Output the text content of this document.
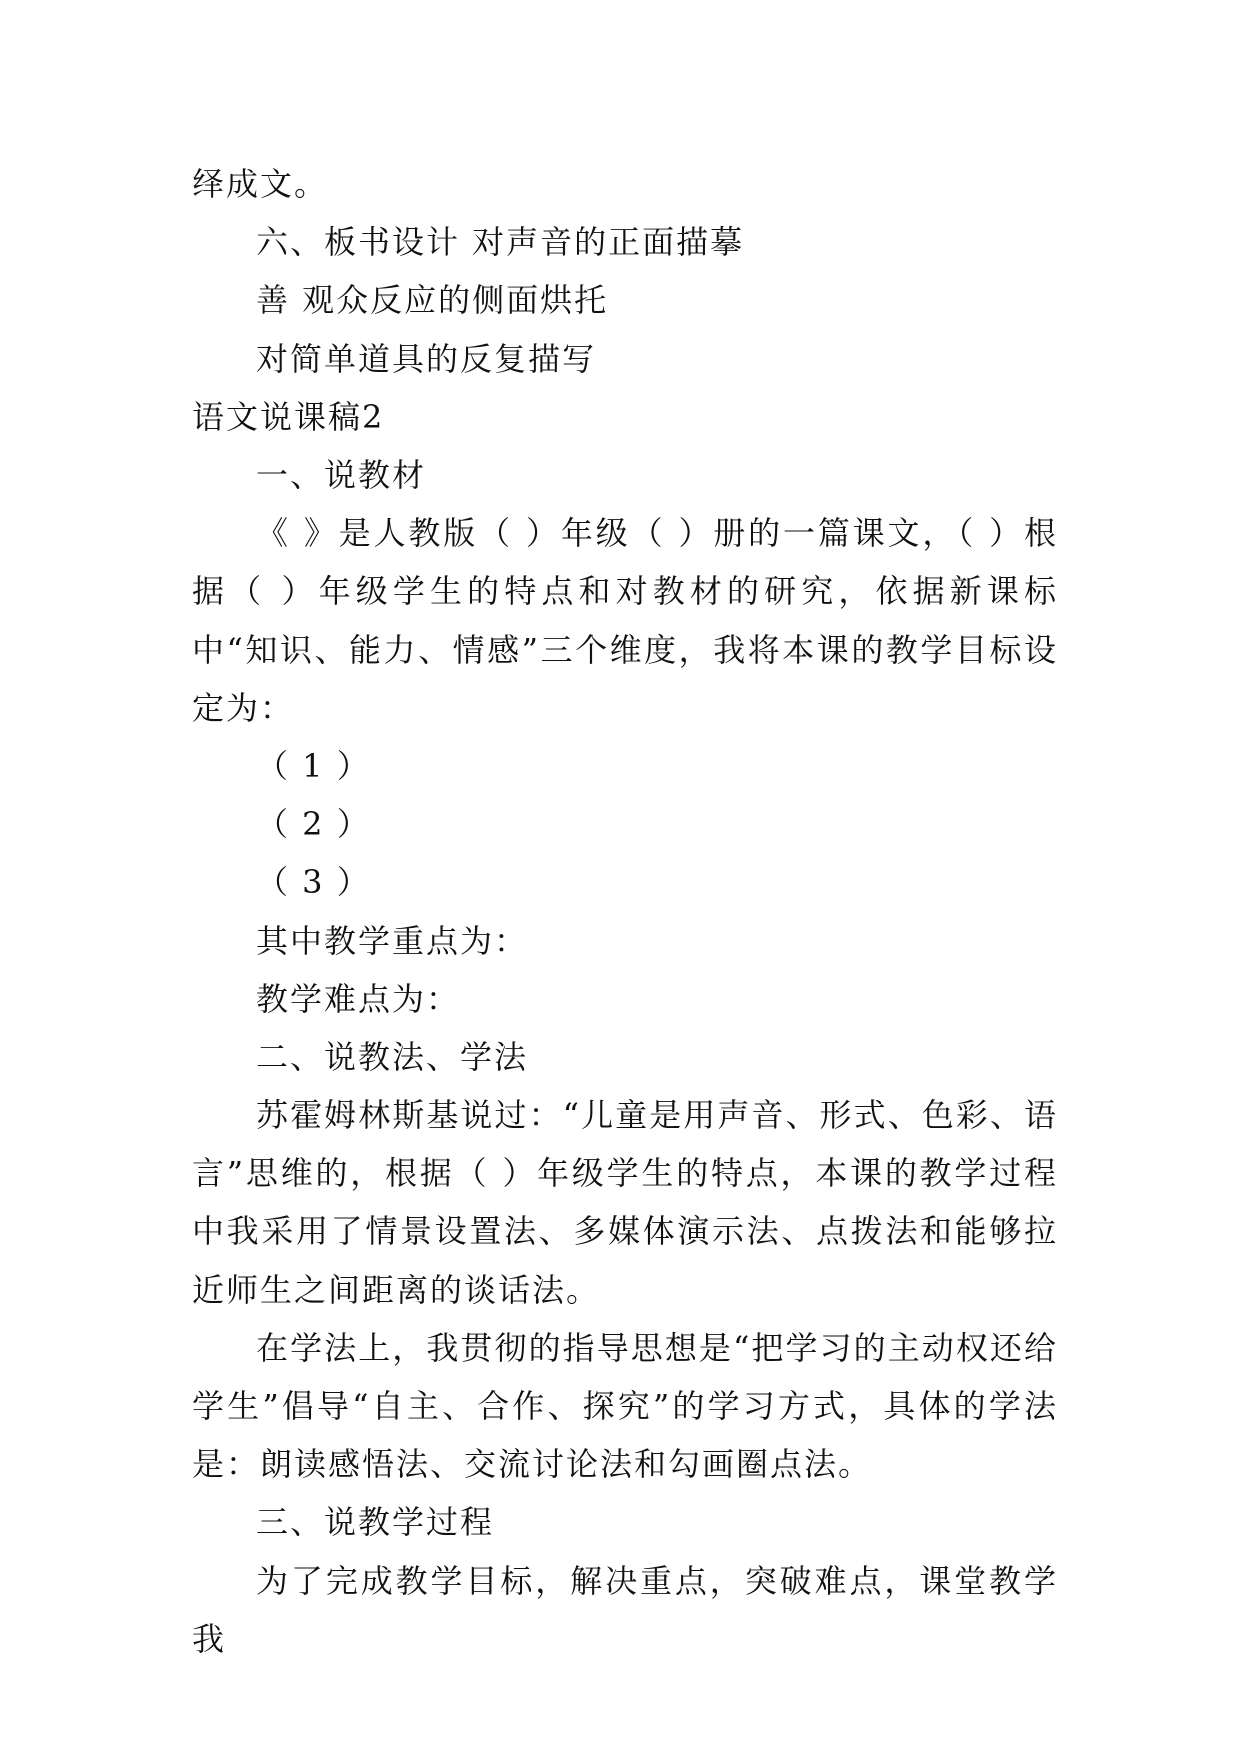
绎成文。
六、板书设计 对声音的正面描摹
善 观众反应的侧面烘托
对简单道具的反复描写
语文说课稿2
一、说教材
《 》是人教版（ ）年级（ ）册的一篇课文，（ ）根据（ ）年级学生的特点和对教材的研究，依据新课标中“知识、能力、情感”三个维度，我将本课的教学目标设定为：
（ 1 ）
（ 2 ）
（ 3 ）
其中教学重点为：
教学难点为：
二、说教法、学法
苏霍姆林斯基说过：“儿童是用声音、形式、色彩、语言”思维的，根据（ ）年级学生的特点，本课的教学过程中我采用了情景设置法、多媒体演示法、点拨法和能够拉近师生之间距离的谈话法。
在学法上，我贯彻的指导思想是“把学习的主动权还给学生”倡导“自主、合作、探究”的学习方式，具体的学法是：朗读感悟法、交流讨论法和勾画圈点法。
三、说教学过程
为了完成教学目标，解决重点，突破难点，课堂教学我
